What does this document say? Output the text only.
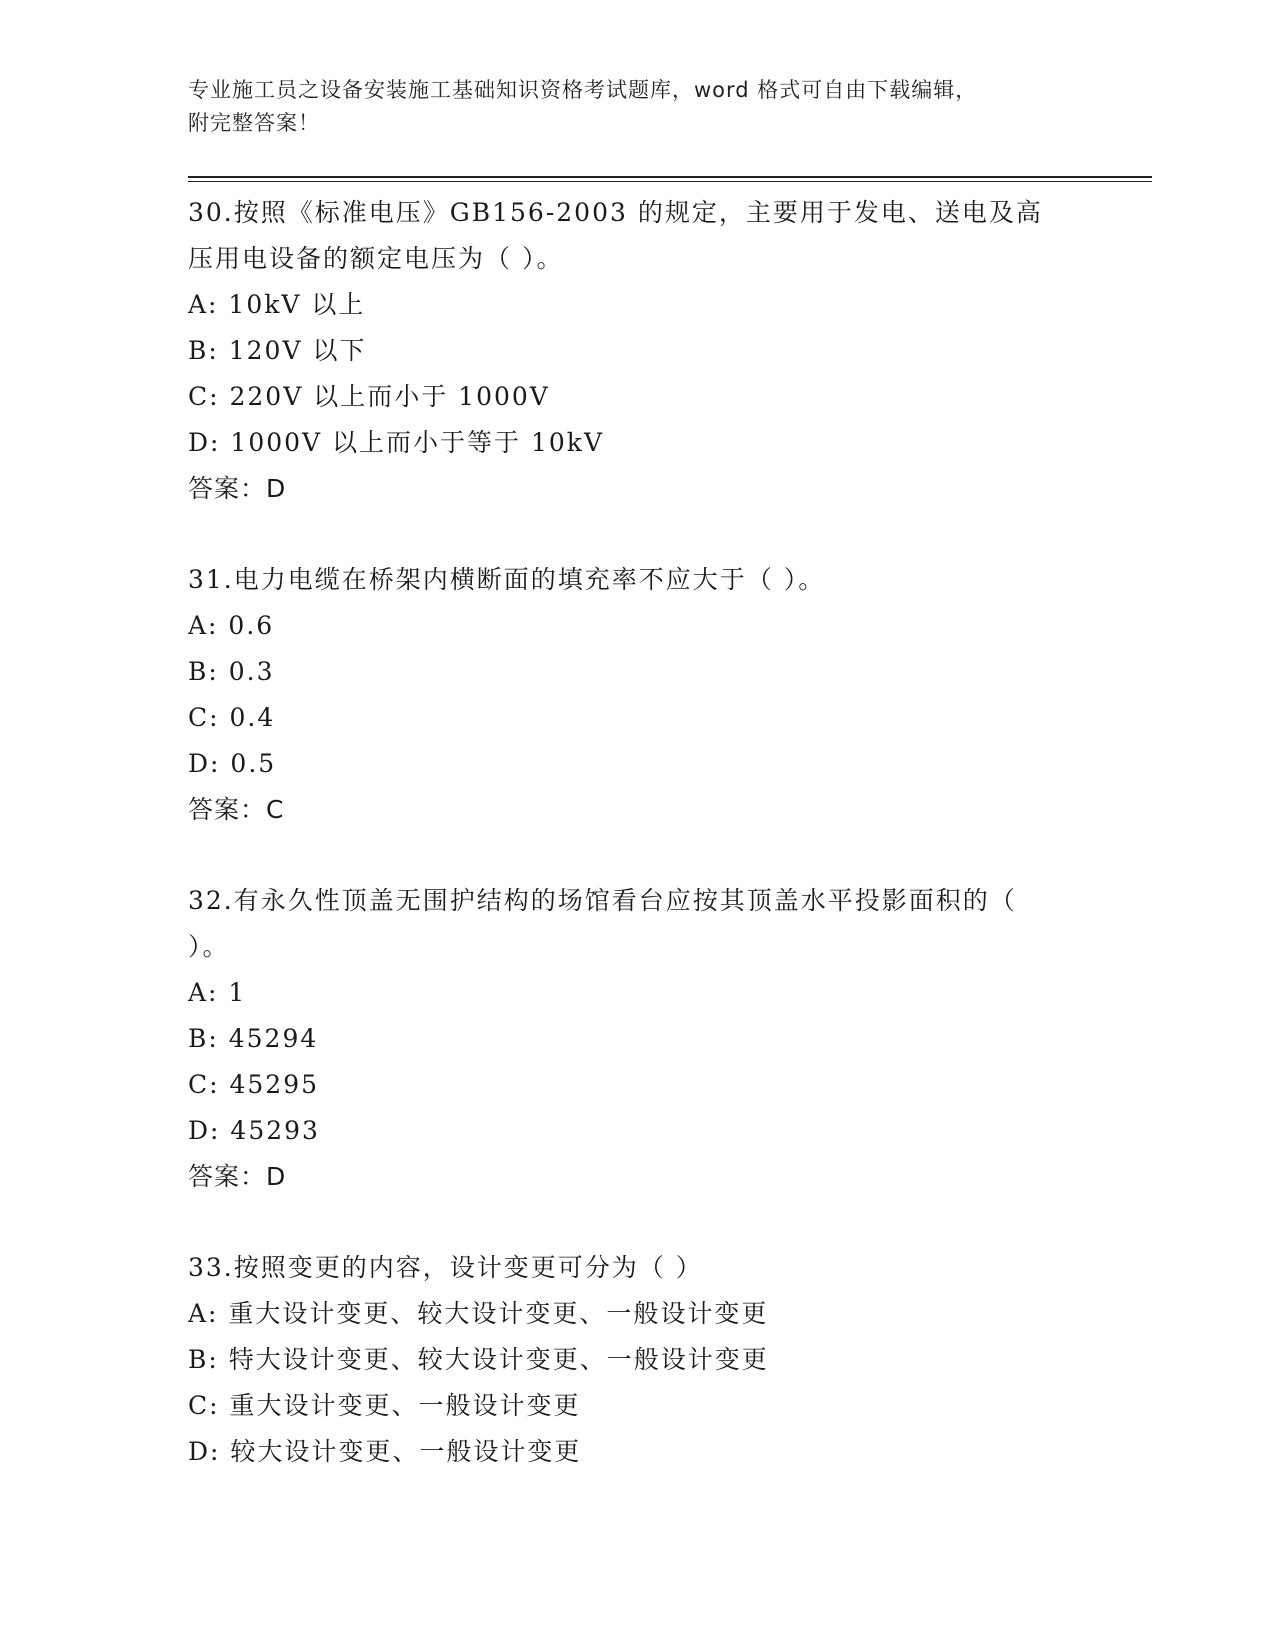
专业施工员之设备安装施工基础知识资格考试题库，word 格式可自由下载编辑，
附完整答案！
30.按照《标准电压》GB156-2003 的规定，主要用于发电、送电及高压用电设备的额定电压为（ ）。
A: 10kV 以上
B: 120V 以下
C: 220V 以上而小于 1000V
D: 1000V 以上而小于等于 10kV
答案：D
31.电力电缆在桥架内横断面的填充率不应大于（ ）。
A: 0.6
B: 0.3
C: 0.4
D: 0.5
答案：C
32.有永久性顶盖无围护结构的场馆看台应按其顶盖水平投影面积的（ ）。
A: 1
B: 45294
C: 45295
D: 45293
答案：D
33.按照变更的内容，设计变更可分为（ ）
A: 重大设计变更、较大设计变更、一般设计变更
B: 特大设计变更、较大设计变更、一般设计变更
C: 重大设计变更、一般设计变更
D: 较大设计变更、一般设计变更
